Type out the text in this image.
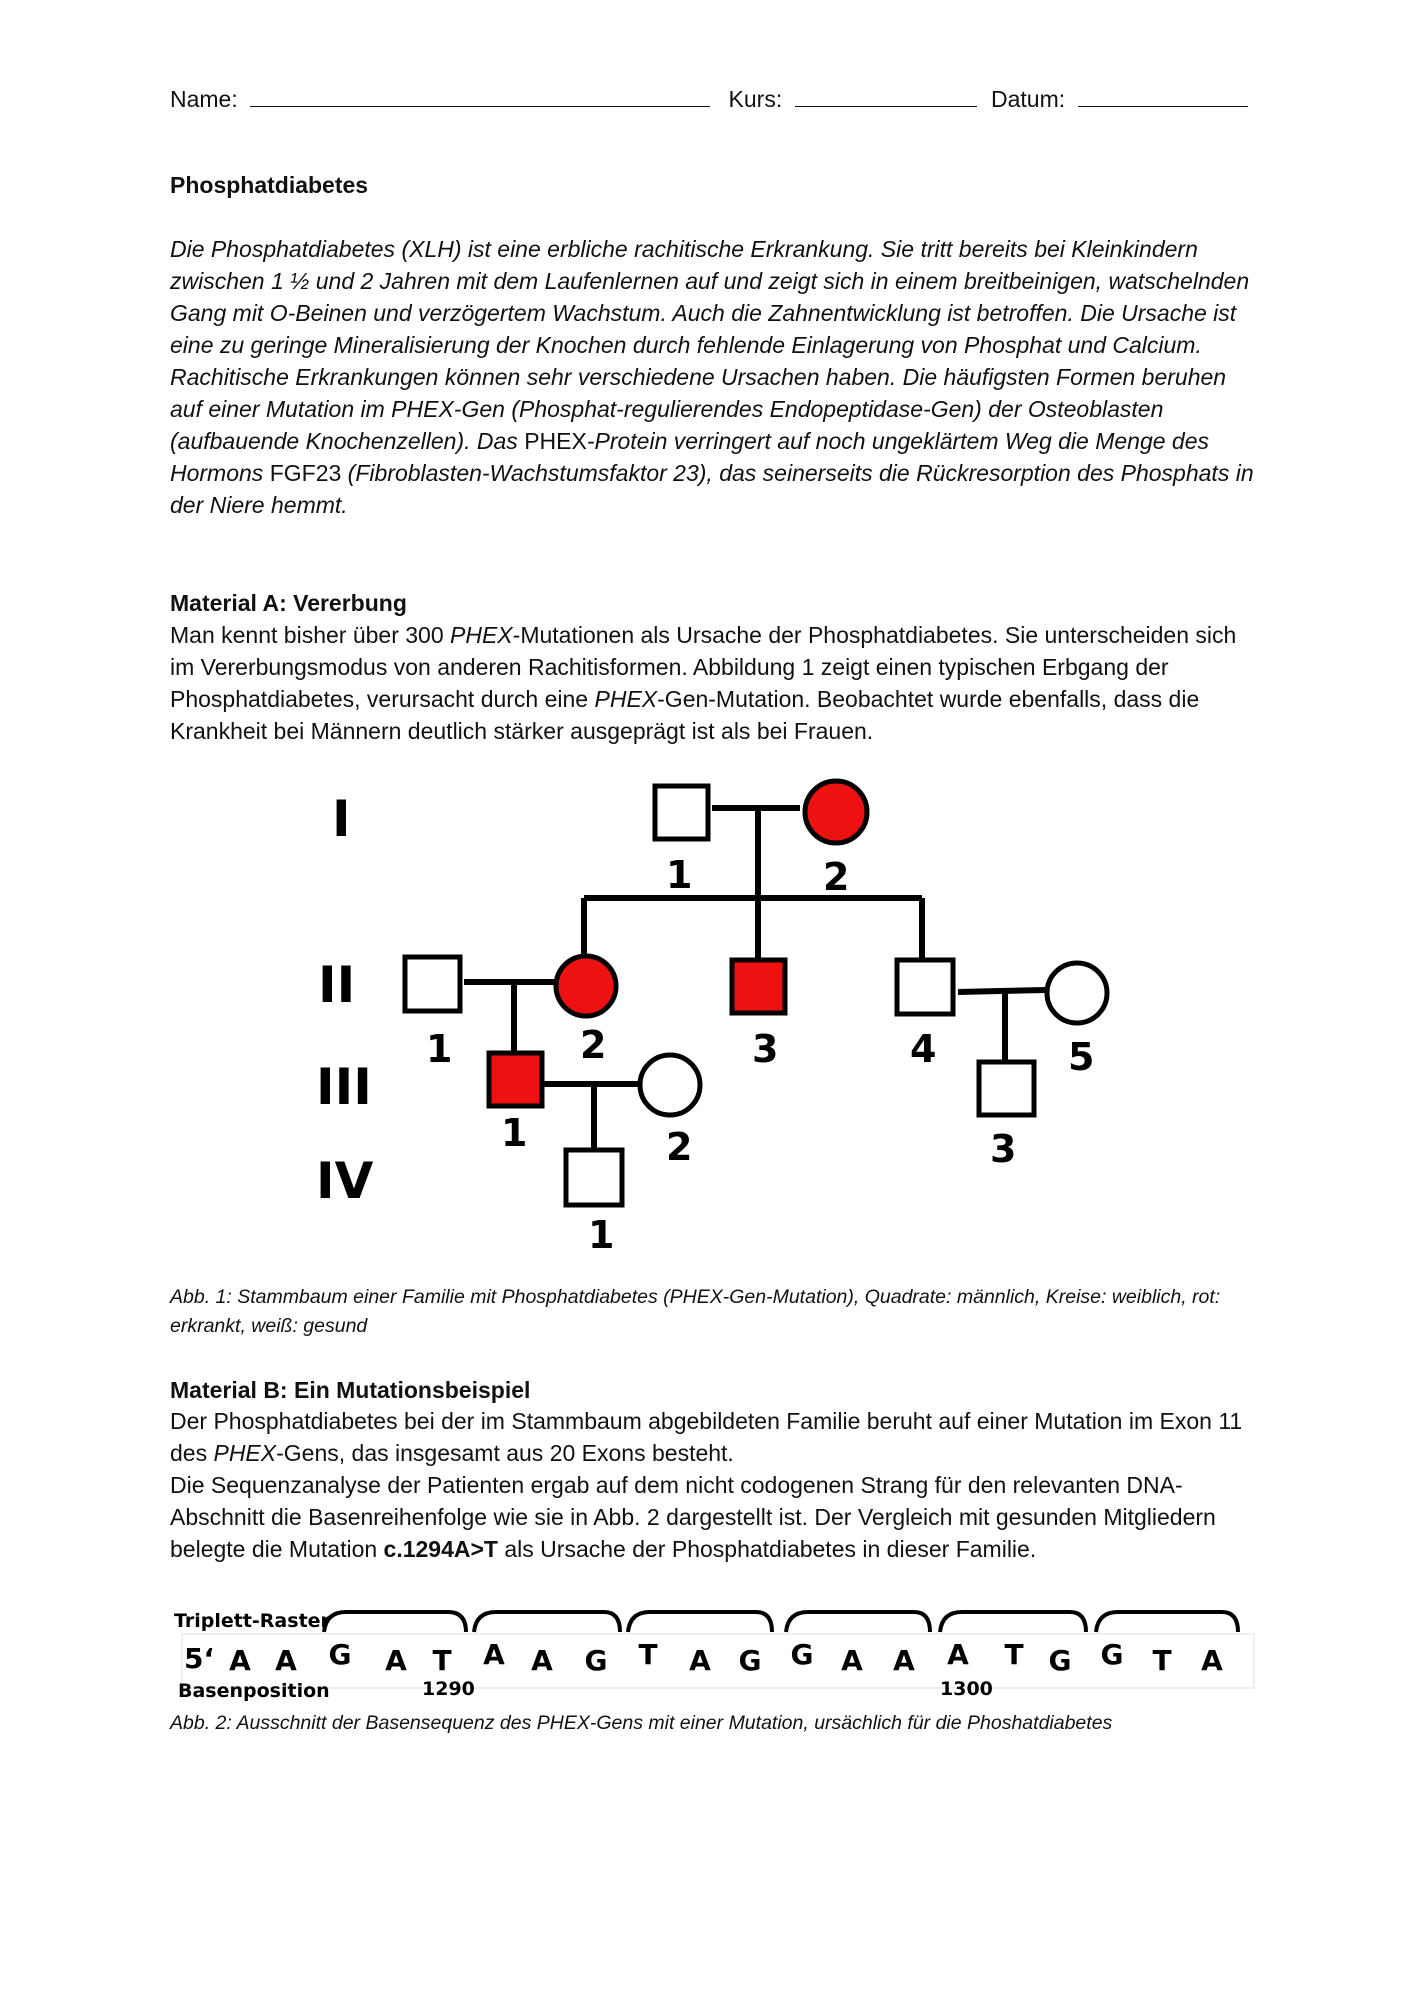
Name:	Kurs:	Datum:
Phosphatdiabetes

Die Phosphatdiabetes (XLH) ist eine erbliche rachitische Erkrankung. Sie tritt bereits bei Kleinkindern zwischen 1 ½ und 2 Jahren mit dem Laufenlernen auf und zeigt sich in einem breitbeinigen, watschelnden Gang mit O-Beinen und verzögertem Wachstum. Auch die Zahnentwicklung ist betroffen. Die Ursache ist eine zu geringe Mineralisierung der Knochen durch fehlende Einlagerung von Phosphat und Calcium.

Rachitische Erkrankungen können sehr verschiedene Ursachen haben. Die häufigsten Formen beruhen auf einer Mutation im PHEX-Gen (Phosphat-regulierendes Endopeptidase-Gen) der Osteoblasten (aufbauende Knochenzellen). Das PHEX-Protein verringert auf noch ungeklärtem Weg die Menge des Hormons FGF23 (Fibroblasten-Wachstumsfaktor 23), das seinerseits die Rückresorption des Phosphats in der Niere hemmt.

Material A: Vererbung

Man kennt bisher über 300 PHEX-Mutationen als Ursache der Phosphatdiabetes. Sie unterscheiden sich im Vererbungsmodus von anderen Rachitisformen. Abbildung 1 zeigt einen typischen Erbgang der Phosphatdiabetes, verursacht durch eine PHEX-Gen-Mutation. Beobachtet wurde ebenfalls, dass die Krankheit bei Männern deutlich stärker ausgeprägt ist als bei Frauen.

I
II
III
IV
1	2
1	2	3	4	5
1	2	3
1
Abb. 1: Stammbaum einer Familie mit Phosphatdiabetes (PHEX-Gen-Mutation), Quadrate: männlich, Kreise: weiblich, rot: erkrankt, weiß: gesund
Material B: Ein Mutationsbeispiel

Der Phosphatdiabetes bei der im Stammbaum abgebildeten Familie beruht auf einer Mutation im Exon 11 des PHEX-Gens, das insgesamt aus 20 Exons besteht.
Die Sequenzanalyse der Patienten ergab auf dem nicht codogenen Strang für den relevanten DNA-Abschnitt die Basenreihenfolge wie sie in Abb. 2 dargestellt ist. Der Vergleich mit gesunden Mitgliedern belegte die Mutation c.1294A>T als Ursache der Phosphatdiabetes in dieser Familie.

Triplett-Raster
5‘ A A G A T A A G T A G G A A A T G G T A
Basenposition	1290	1300
Abb. 2: Ausschnitt der Basensequenz des PHEX-Gens mit einer Mutation, ursächlich für die Phoshatdiabetes
